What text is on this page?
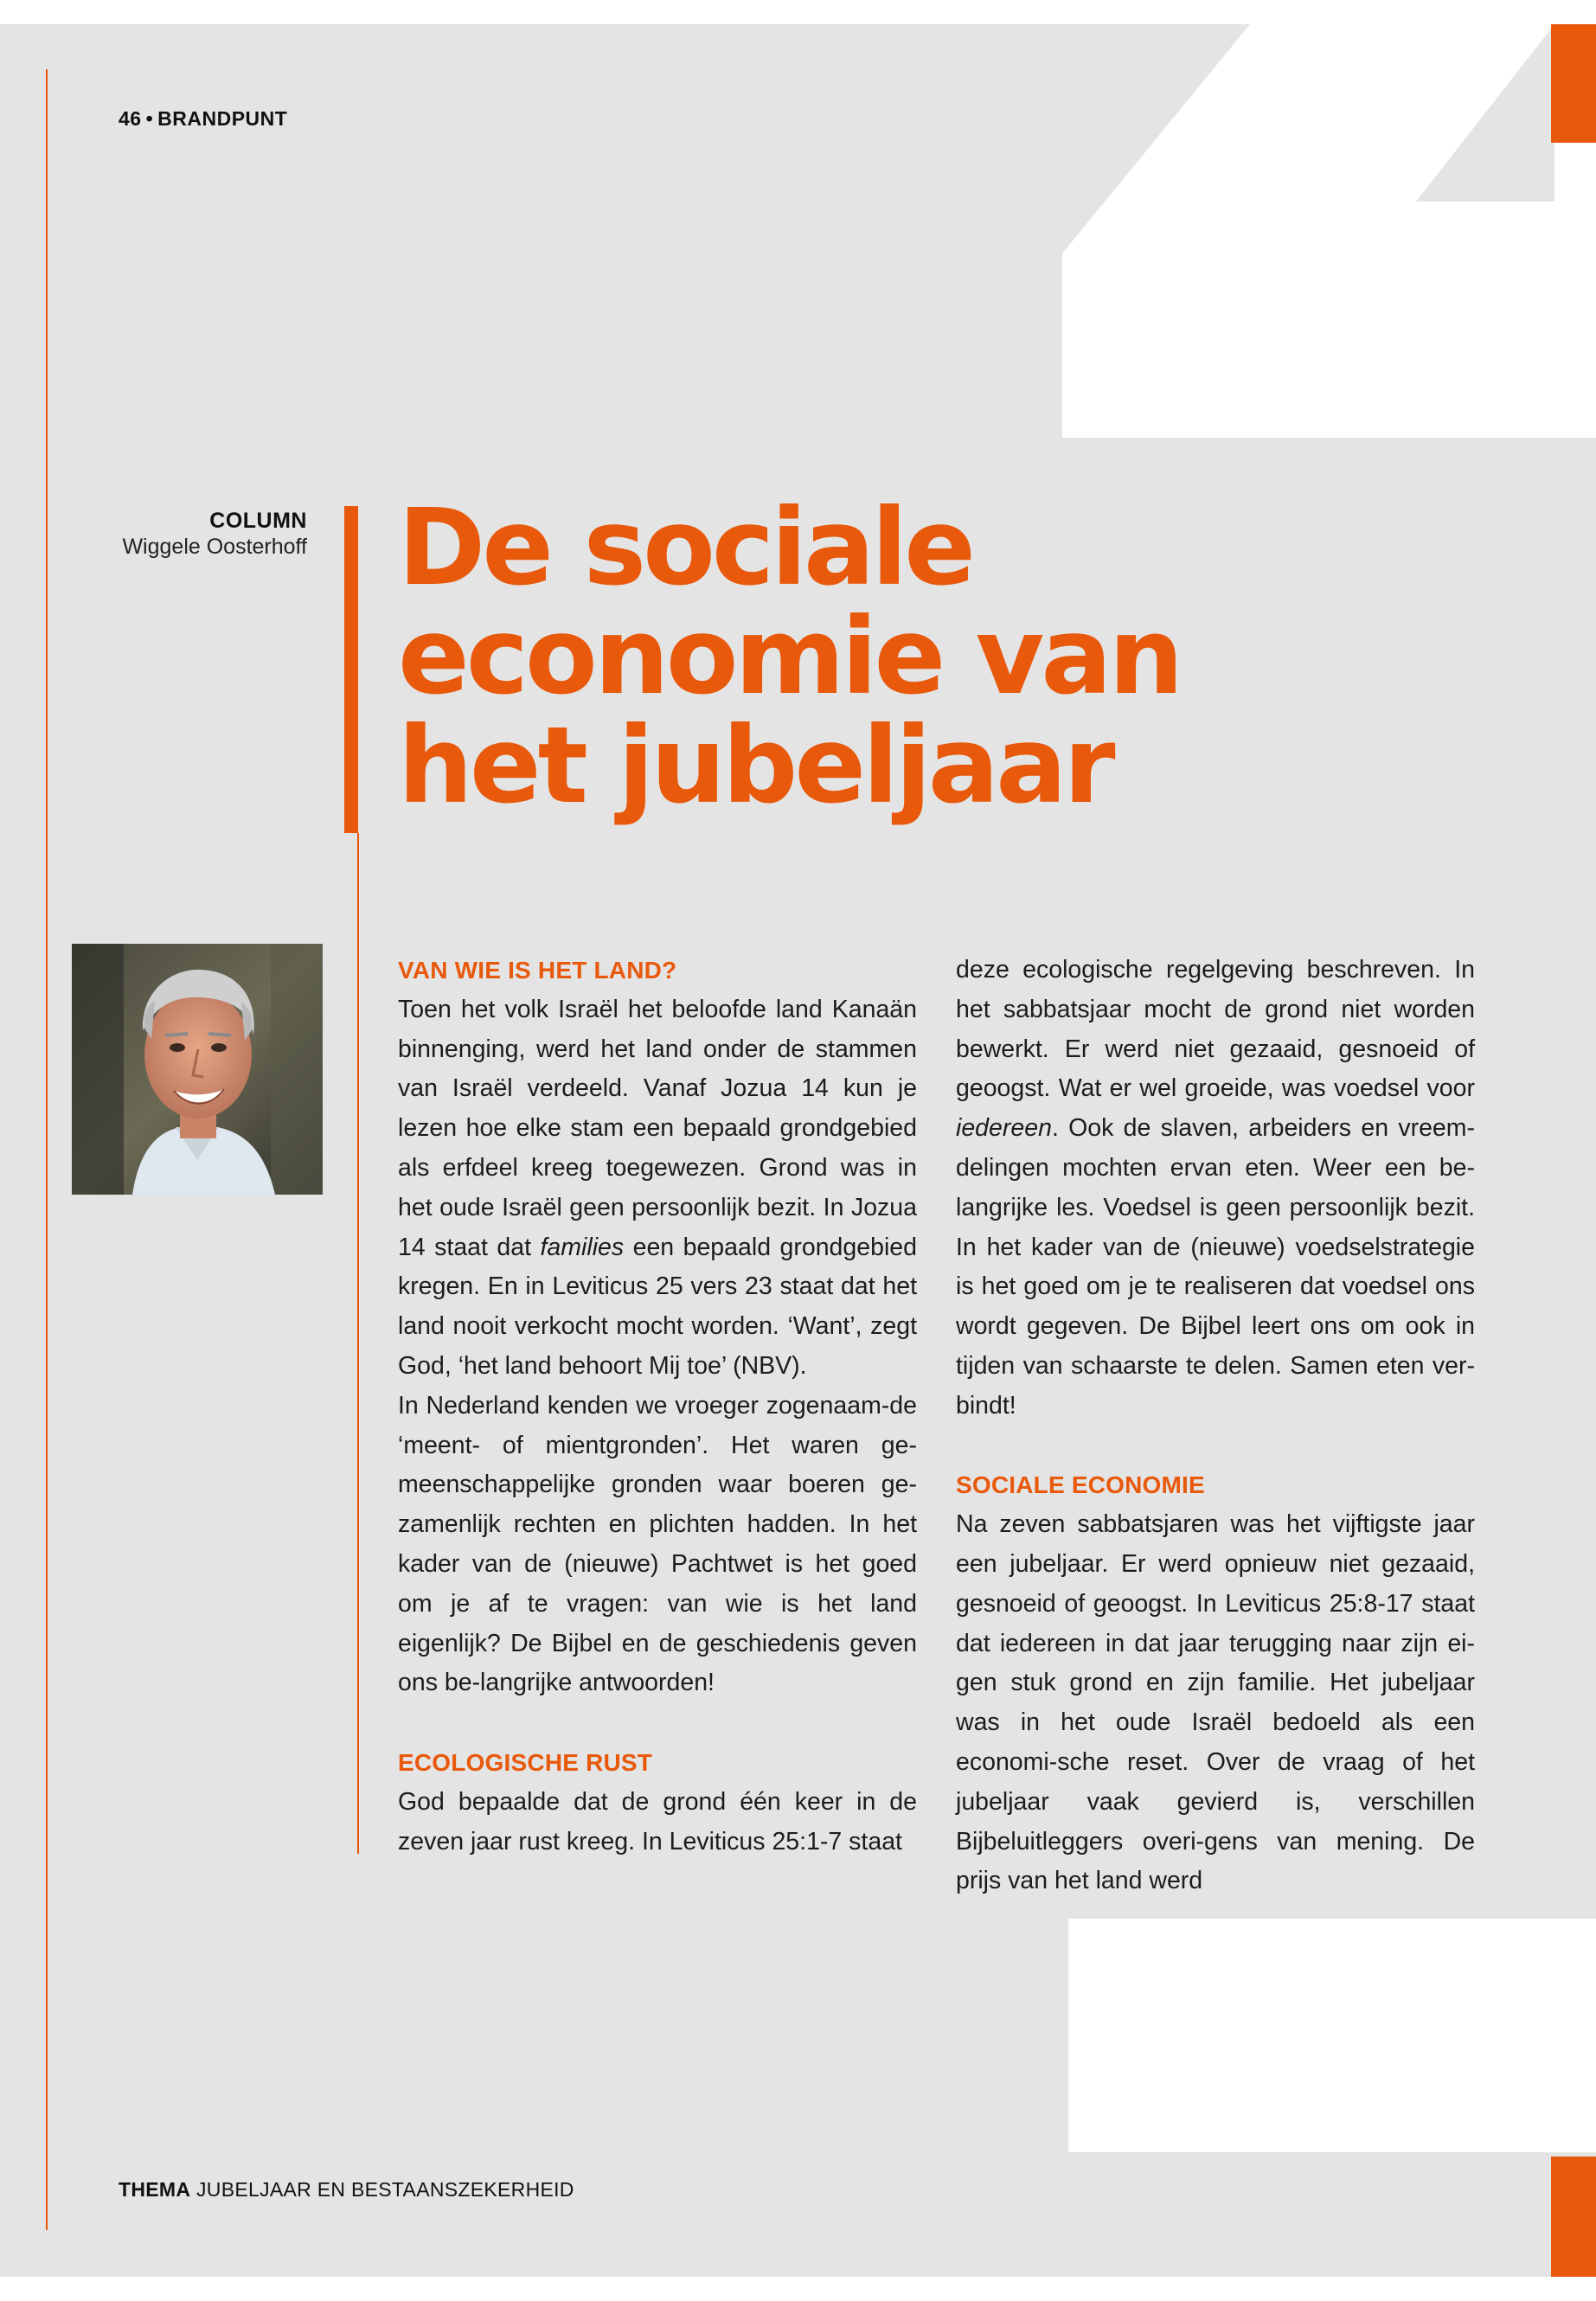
46 • BRANDPUNT
COLUMN
Wiggele Oosterhoff De sociale
economie van
het jubeljaar
VAN WIE IS HET LAND?

Toen het volk Israël het beloofde land Kanaän binnenging, werd het land onder de stammen van Israël verdeeld. Vanaf Jozua 14 kun je lezen hoe elke stam een bepaald grondgebied als erfdeel kreeg toegewezen. Grond was in het oude Israël geen persoonlijk bezit. In Jozua 14 staat dat families een bepaald grondgebied kregen. En in Leviticus 25 vers 23 staat dat het land nooit verkocht mocht worden. ‘Want’, zegt God, ‘het land behoort Mij toe’ (NBV).

In Nederland kenden we vroeger zogenaam-de ‘meent- of mientgronden’. Het waren ge-meenschappelijke gronden waar boeren ge-zamenlijk rechten en plichten hadden. In het kader van de (nieuwe) Pachtwet is het goed om je af te vragen: van wie is het land eigenlijk? De Bijbel en de geschiedenis geven ons be-langrijke antwoorden!

ECOLOGISCHE RUST

God bepaalde dat de grond één keer in de zeven jaar rust kreeg. In Leviticus 25:1-7 staat

deze ecologische regelgeving beschreven. In het sabbatsjaar mocht de grond niet worden bewerkt. Er werd niet gezaaid, gesnoeid of geoogst. Wat er wel groeide, was voedsel voor iedereen. Ook de slaven, arbeiders en vreem-delingen mochten ervan eten. Weer een be-langrijke les. Voedsel is geen persoonlijk bezit. In het kader van de (nieuwe) voedselstrategie is het goed om je te realiseren dat voedsel ons wordt gegeven. De Bijbel leert ons om ook in tijden van schaarste te delen. Samen eten ver-bindt!

SOCIALE ECONOMIE

Na zeven sabbatsjaren was het vijftigste jaar een jubeljaar. Er werd opnieuw niet gezaaid, gesnoeid of geoogst. In Leviticus 25:8-17 staat dat iedereen in dat jaar terugging naar zijn ei-gen stuk grond en zijn familie. Het jubeljaar was in het oude Israël bedoeld als een economi-sche reset. Over de vraag of het jubeljaar vaak gevierd is, verschillen Bijbeluitleggers overi-gens van mening. De prijs van het land werd

THEMA JUBELJAAR EN BESTAANSZEKERHEID
